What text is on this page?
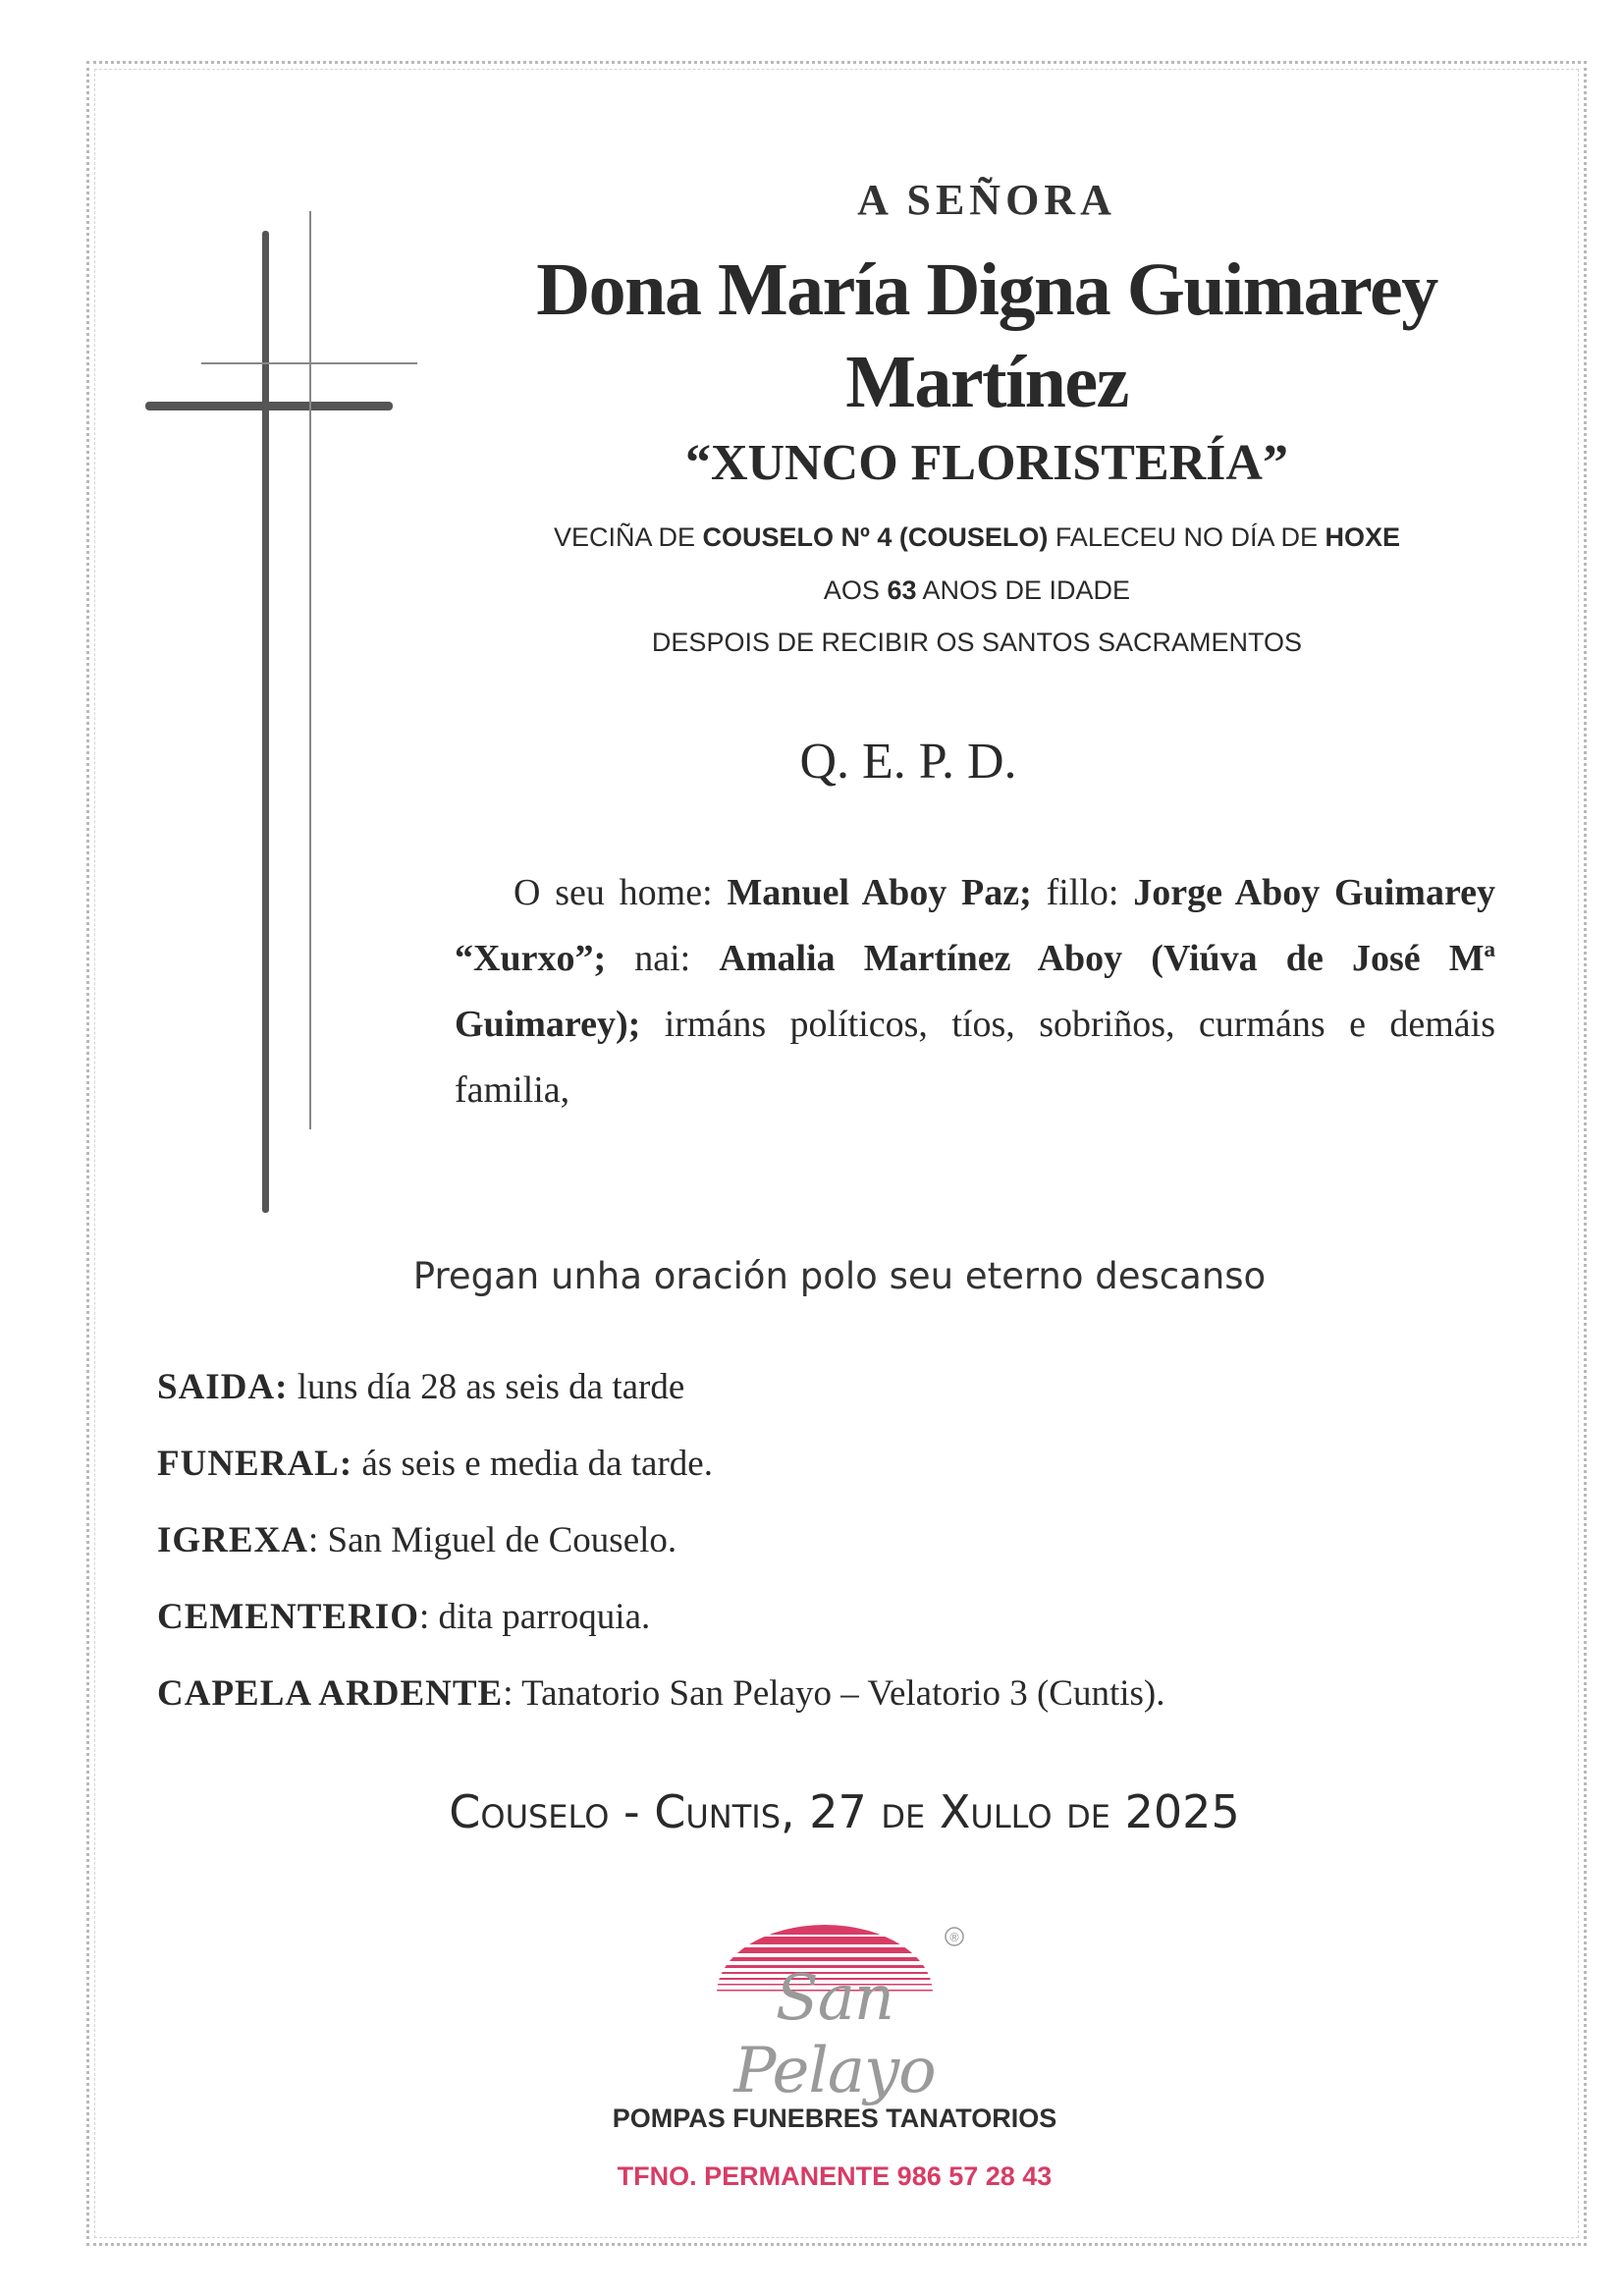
A SEÑORA
Dona María Digna Guimarey Martínez
“XUNCO FLORISTERÍA”
VECIÑA DE COUSELO Nº 4 (COUSELO) FALECEU NO DÍA DE HOXE
AOS 63 ANOS DE IDADE
DESPOIS DE RECIBIR OS SANTOS SACRAMENTOS
Q. E. P. D.
O seu home: Manuel Aboy Paz; fillo: Jorge Aboy Guimarey “Xurxo”; nai: Amalia Martínez Aboy (Viúva de José Mª Guimarey); irmáns políticos, tíos, sobriños, curmáns e demáis familia,
Pregan unha oración polo seu eterno descanso
SAIDA: luns día 28 as seis da tarde
FUNERAL: ás seis e media da tarde.
IGREXA: San Miguel de Couselo.
CEMENTERIO: dita parroquia.
CAPELA ARDENTE: Tanatorio San Pelayo – Velatorio 3 (Cuntis).
Couselo - Cuntis, 27 de Xullo de 2025
®
San Pelayo
POMPAS FUNEBRES TANATORIOS
TFNO. PERMANENTE 986 57 28 43
